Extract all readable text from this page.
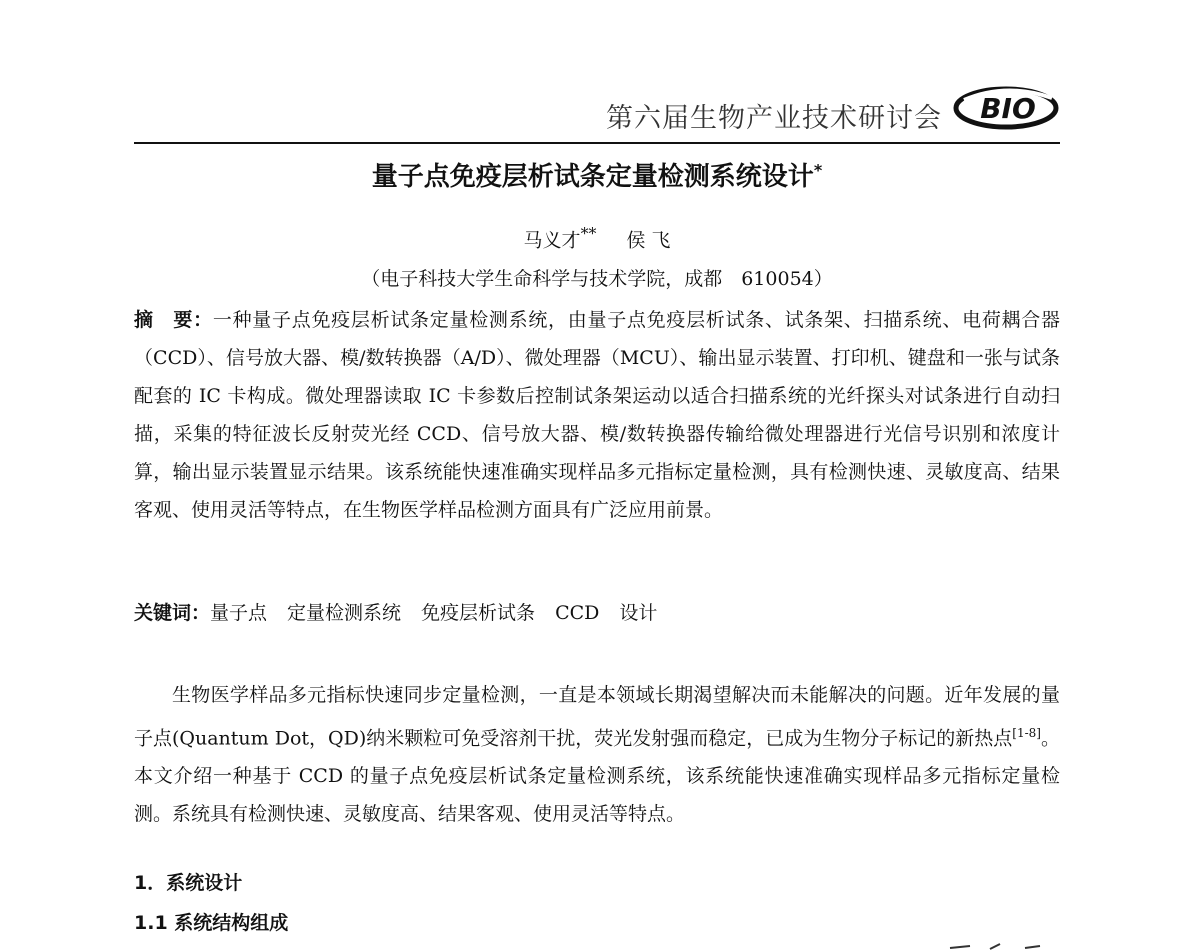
第六届生物产业技术研讨会 BIO
量子点免疫层析试条定量检测系统设计*
马义才** 侯 飞
（电子科技大学生命科学与技术学院，成都　610054）
摘　要：一种量子点免疫层析试条定量检测系统，由量子点免疫层析试条、试条架、扫描系统、电荷耦合器（CCD）、信号放大器、模/数转换器（A/D）、微处理器（MCU）、输出显示装置、打印机、键盘和一张与试条配套的 IC 卡构成。微处理器读取 IC 卡参数后控制试条架运动以适合扫描系统的光纤探头对试条进行自动扫描，采集的特征波长反射荧光经 CCD、信号放大器、模/数转换器传输给微处理器进行光信号识别和浓度计算，输出显示装置显示结果。该系统能快速准确实现样品多元指标定量检测，具有检测快速、灵敏度高、结果客观、使用灵活等特点，在生物医学样品检测方面具有广泛应用前景。
关键词：量子点 定量检测系统 免疫层析试条 CCD 设计
生物医学样品多元指标快速同步定量检测，一直是本领域长期渴望解决而未能解决的问题。近年发展的量子点(Quantum Dot，QD)纳米颗粒可免受溶剂干扰，荧光发射强而稳定，已成为生物分子标记的新热点[1-8]。本文介绍一种基于 CCD 的量子点免疫层析试条定量检测系统，该系统能快速准确实现样品多元指标定量检测。系统具有检测快速、灵敏度高、结果客观、使用灵活等特点。
1．系统设计
1.1 系统结构组成
